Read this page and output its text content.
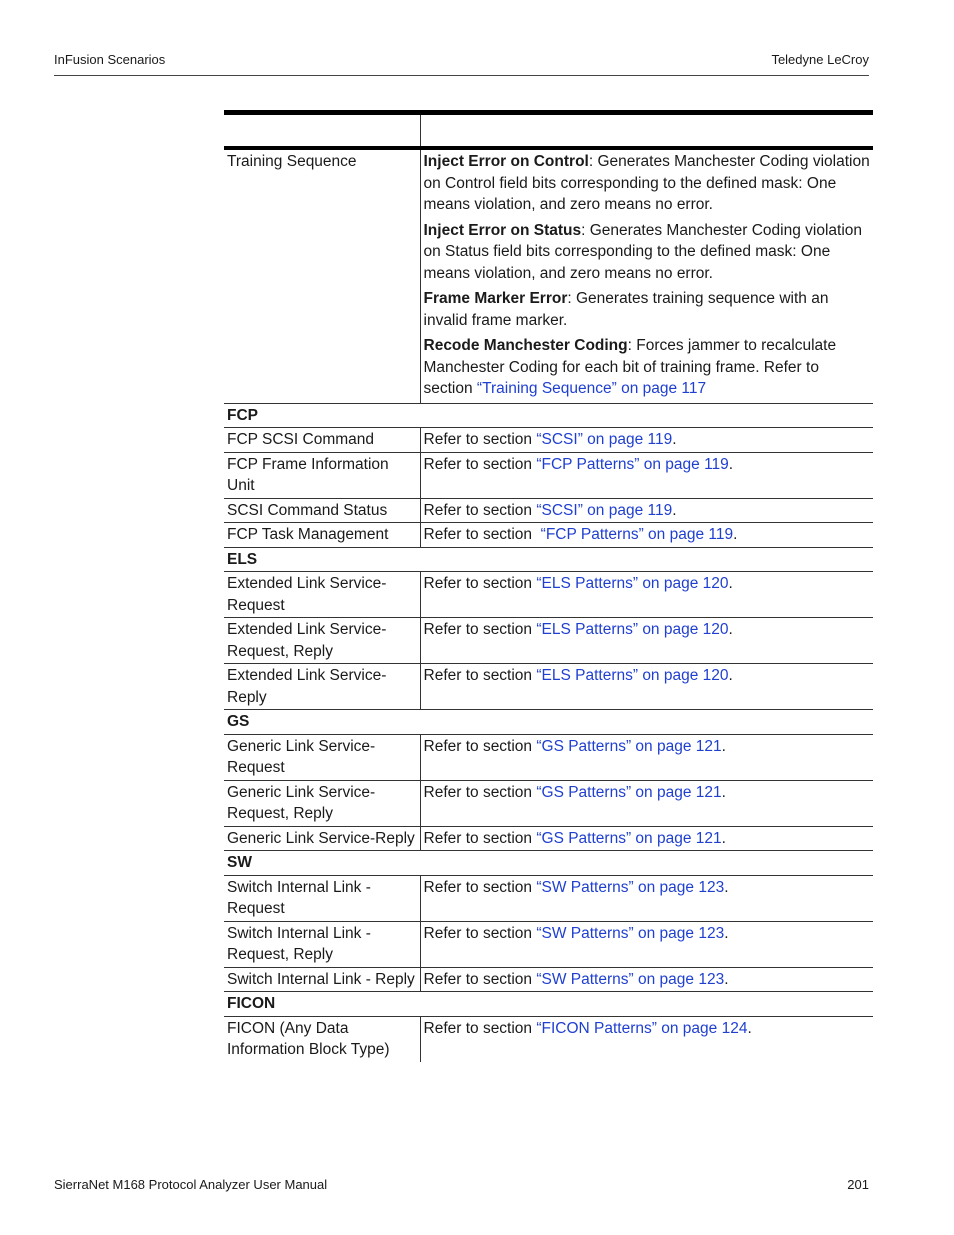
InFusion Scenarios	Teledyne LeCroy

Training Sequence	Inject Error on Control: Generates Manchester Coding violation on Control field bits corresponding to the defined mask: One means violation, and zero means no error.

Inject Error on Status: Generates Manchester Coding violation on Status field bits corresponding to the defined mask: One means violation, and zero means no error.

Frame Marker Error: Generates training sequence with an invalid frame marker.

Recode Manchester Coding: Forces jammer to recalculate Manchester Coding for each bit of training frame. Refer to section “Training Sequence” on page 117

FCP	
FCP SCSI Command	Refer to section “SCSI” on page 119.
FCP Frame Information Unit	Refer to section “FCP Patterns” on page 119.
SCSI Command Status	Refer to section “SCSI” on page 119.
FCP Task Management	Refer to section  “FCP Patterns” on page 119.
ELS	
Extended Link Service-Request	Refer to section “ELS Patterns” on page 120.
Extended Link Service-Request, Reply	Refer to section “ELS Patterns” on page 120.
Extended Link Service-Reply	Refer to section “ELS Patterns” on page 120.
GS	
Generic Link Service-Request	Refer to section “GS Patterns” on page 121.
Generic Link Service-Request, Reply	Refer to section “GS Patterns” on page 121.
Generic Link Service-Reply	Refer to section “GS Patterns” on page 121.
SW	
Switch Internal Link - Request	Refer to section “SW Patterns” on page 123.
Switch Internal Link - Request, Reply	Refer to section “SW Patterns” on page 123.
Switch Internal Link - Reply	Refer to section “SW Patterns” on page 123.
FICON	
FICON (Any Data Information Block Type)	Refer to section “FICON Patterns” on page 124.
SierraNet M168 Protocol Analyzer User Manual	201
